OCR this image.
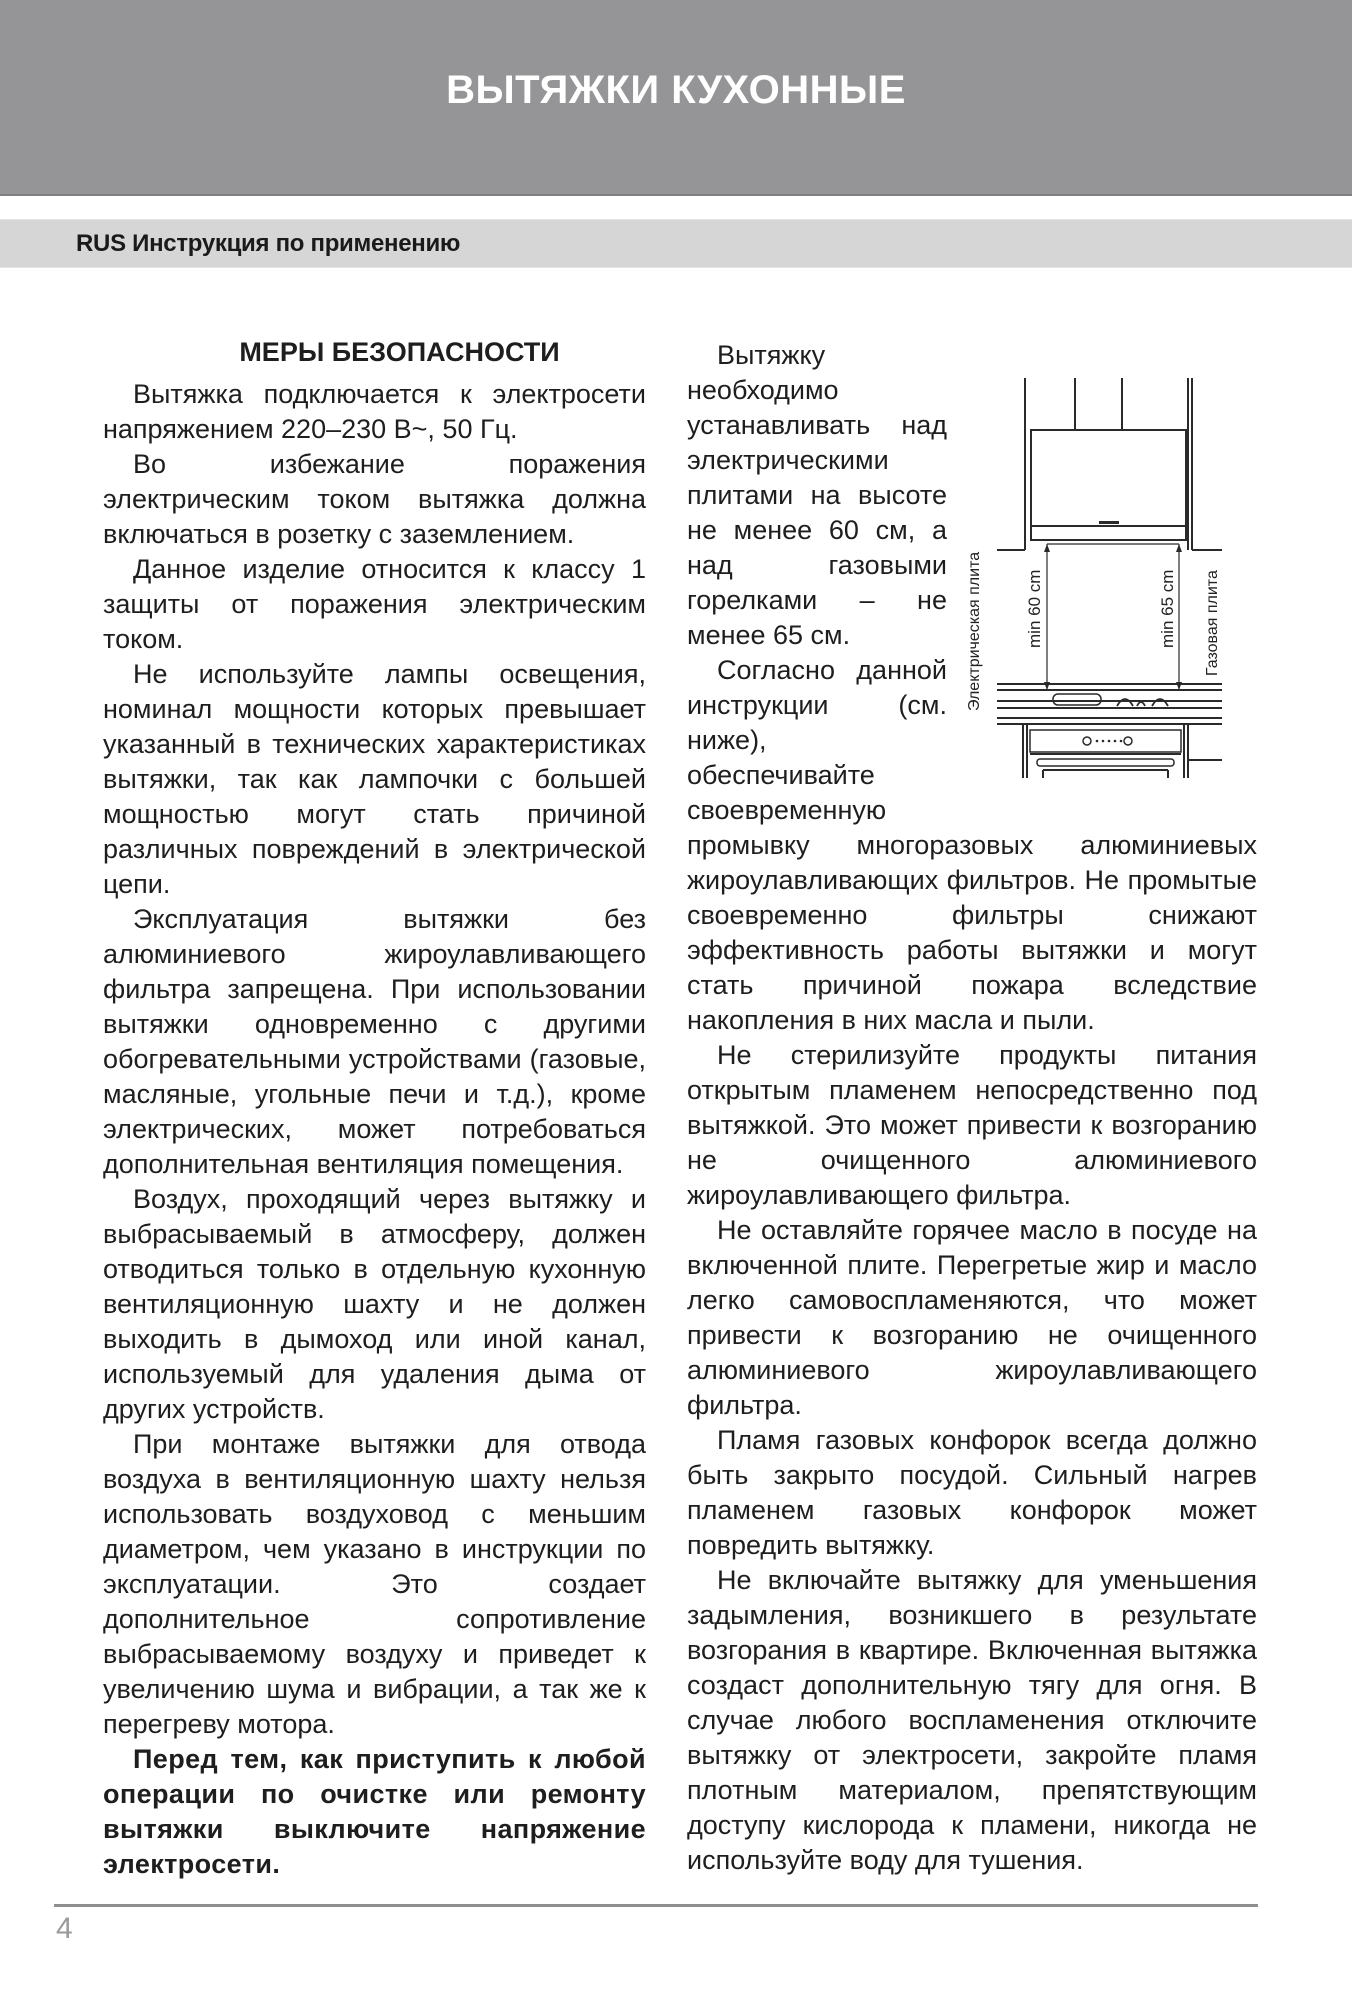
ВЫТЯЖКИ КУХОННЫЕ
RUS Инструкция по применению
МЕРЫ БЕЗОПАСНОСТИ

Вытяжка подключается к электросети напряжением 220–230 В~, 50 Гц.

Во избежание поражения электрическим током вытяжка должна включаться в розетку с заземлением.

Данное изделие относится к классу 1 защиты от поражения электрическим током.

Не используйте лампы освещения, номинал мощности которых превышает указанный в технических характеристиках вытяжки, так как лампочки с большей мощностью могут стать причиной различных повреждений в электрической цепи.

Эксплуатация вытяжки без алюминиевого жироулавливающего фильтра запрещена. При использовании вытяжки одновременно с другими обогревательными устройствами (газовые, масляные, угольные печи и т.д.), кроме электрических, может потребоваться дополнительная вентиляция помещения.

Воздух, проходящий через вытяжку и выбрасываемый в атмосферу, должен отводиться только в отдельную кухонную вентиляционную шахту и не должен выходить в дымоход или иной канал, используемый для удаления дыма от других устройств.

При монтаже вытяжки для отвода воздуха в вентиляционную шахту нельзя использовать воздуховод с меньшим диаметром, чем указано в инструкции по эксплуатации. Это создает дополнительное сопротивление выбрасываемому воздуху и приведет к увеличению шума и вибрации, а так же к перегреву мотора.

Перед тем, как приступить к любой операции по очистке или ремонту вытяжки выключите напряжение электросети.

Электрическая плита min 60 cm	min 65 cm Газовая плита

Вытяжку необходимо устанавливать над электрическими плитами на высоте не менее 60 см, а над газовыми горелками – не менее 65 см.

Согласно данной инструкции (см. ниже), обеспечивайте своевременную промывку многоразовых алюминиевых жироулавливающих фильтров. Не промытые своевременно фильтры снижают эффективность работы вытяжки и могут стать причиной пожара вследствие накопления в них масла и пыли.

Не стерилизуйте продукты питания открытым пламенем непосредственно под вытяжкой. Это может привести к возгоранию не очищенного алюминиевого жироулавливающего фильтра.

Не оставляйте горячее масло в посуде на включенной плите. Перегретые жир и масло легко самовоспламеняются, что может привести к возгоранию не очищенного алюминиевого жироулавливающего фильтра.

Пламя газовых конфорок всегда должно быть закрыто посудой. Сильный нагрев пламенем газовых конфорок может повредить вытяжку.

Не включайте вытяжку для уменьшения задымления, возникшего в результате возгорания в квартире. Включенная вытяжка создаст дополнительную тягу для огня. В случае любого воспламенения отключите вытяжку от электросети, закройте пламя плотным материалом, препятствующим доступу кислорода к пламени, никогда не используйте воду для тушения.

4
